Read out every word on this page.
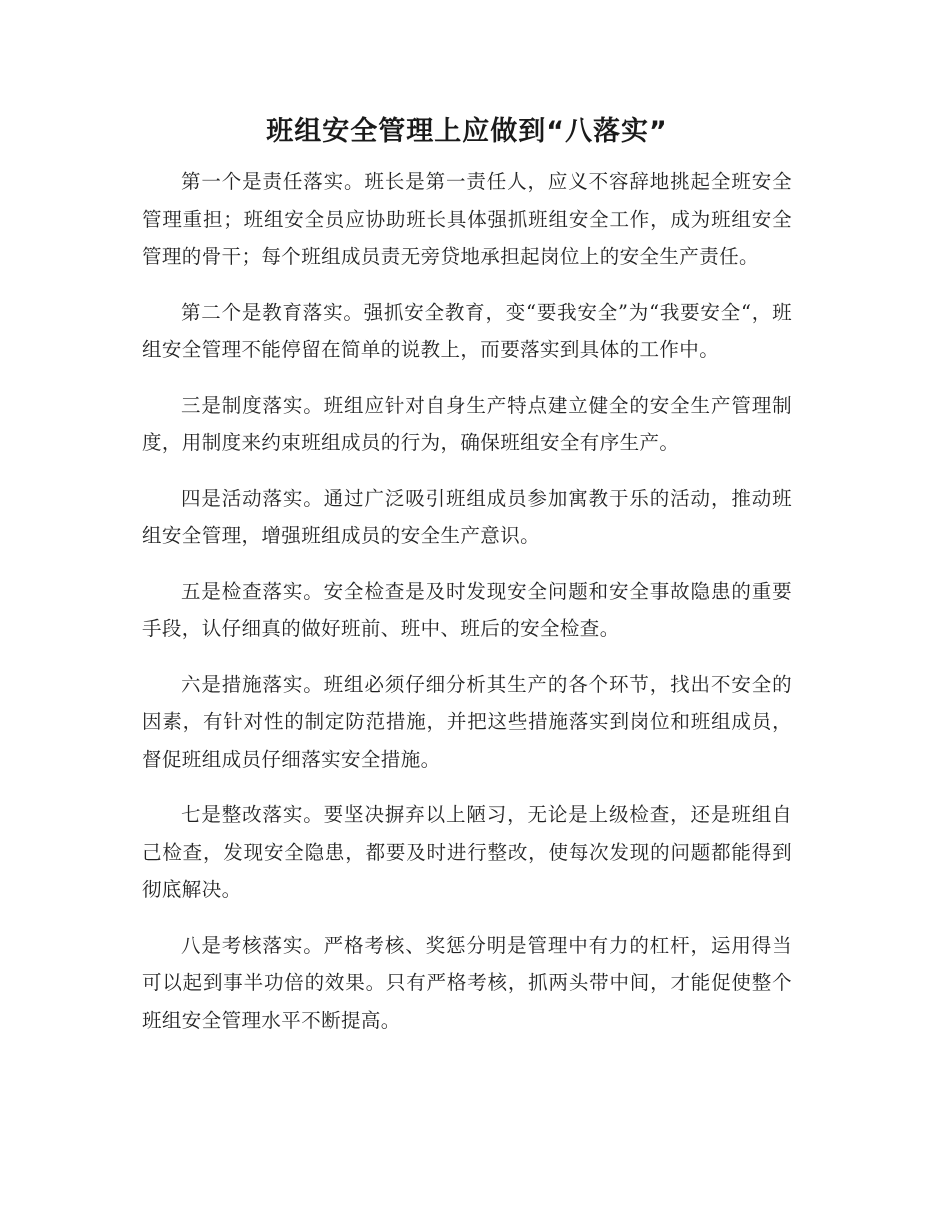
班组安全管理上应做到“八落实”

第一个是责任落实。班长是第一责任人，应义不容辞地挑起全班安全管理重担；班组安全员应协助班长具体强抓班组安全工作，成为班组安全管理的骨干；每个班组成员责无旁贷地承担起岗位上的安全生产责任。

第二个是教育落实。强抓安全教育，变“要我安全”为“我要安全“，班组安全管理不能停留在简单的说教上，而要落实到具体的工作中。

三是制度落实。班组应针对自身生产特点建立健全的安全生产管理制度，用制度来约束班组成员的行为，确保班组安全有序生产。

四是活动落实。通过广泛吸引班组成员参加寓教于乐的活动，推动班组安全管理，增强班组成员的安全生产意识。

五是检查落实。安全检查是及时发现安全问题和安全事故隐患的重要手段，认仔细真的做好班前、班中、班后的安全检查。

六是措施落实。班组必须仔细分析其生产的各个环节，找出不安全的因素，有针对性的制定防范措施，并把这些措施落实到岗位和班组成员，督促班组成员仔细落实安全措施。

七是整改落实。要坚决摒弃以上陋习，无论是上级检查，还是班组自己检查，发现安全隐患，都要及时进行整改，使每次发现的问题都能得到彻底解决。

八是考核落实。严格考核、奖惩分明是管理中有力的杠杆，运用得当可以起到事半功倍的效果。只有严格考核，抓两头带中间，才能促使整个班组安全管理水平不断提高。
